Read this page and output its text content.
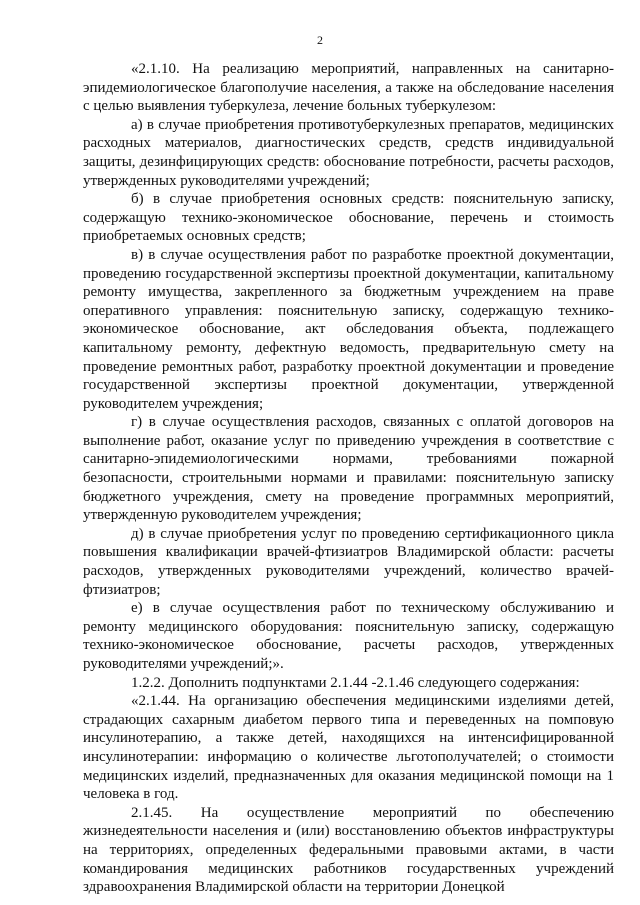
2

«2.1.10. На реализацию мероприятий, направленных на санитарно-эпидемиологическое благополучие населения, а также на обследование населения с целью выявления туберкулеза, лечение больных туберкулезом:

а) в случае приобретения противотуберкулезных препаратов, медицинских расходных материалов, диагностических средств, средств индивидуальной защиты, дезинфицирующих средств: обоснование потребности, расчеты расходов, утвержденных руководителями учреждений;

б) в случае приобретения основных средств: пояснительную записку, содержащую технико-экономическое обоснование, перечень и стоимость приобретаемых основных средств;

в) в случае осуществления работ по разработке проектной документации, проведению государственной экспертизы проектной документации, капитальному ремонту имущества, закрепленного за бюджетным учреждением на праве оперативного управления: пояснительную записку, содержащую технико-экономическое обоснование, акт обследования объекта, подлежащего капитальному ремонту, дефектную ведомость, предварительную смету на проведение ремонтных работ, разработку проектной документации и проведение государственной экспертизы проектной документации, утвержденной руководителем учреждения;

г) в случае осуществления расходов, связанных с оплатой договоров на выполнение работ, оказание услуг по приведению учреждения в соответствие с санитарно-эпидемиологическими нормами, требованиями пожарной безопасности, строительными нормами и правилами: пояснительную записку бюджетного учреждения, смету на проведение программных мероприятий, утвержденную руководителем учреждения;

д) в случае приобретения услуг по проведению сертификационного цикла повышения квалификации врачей-фтизиатров Владимирской области: расчеты расходов, утвержденных руководителями учреждений, количество врачей-фтизиатров;

е) в случае осуществления работ по техническому обслуживанию и ремонту медицинского оборудования: пояснительную записку, содержащую технико-экономическое обоснование, расчеты расходов, утвержденных руководителями учреждений;».

1.2.2. Дополнить подпунктами 2.1.44 -2.1.46 следующего содержания:

«2.1.44. На организацию обеспечения медицинскими изделиями детей, страдающих сахарным диабетом первого типа и переведенных на помповую инсулинотерапию, а также детей, находящихся на интенсифицированной инсулинотерапии: информацию о количестве льготополучателей; о стоимости медицинских изделий, предназначенных для оказания медицинской помощи на 1 человека в год.

2.1.45. На осуществление мероприятий по обеспечению жизнедеятельности населения и (или) восстановлению объектов инфраструктуры на территориях, определенных федеральными правовыми актами, в части командирования медицинских работников государственных учреждений здравоохранения Владимирской области на территории Донецкой
